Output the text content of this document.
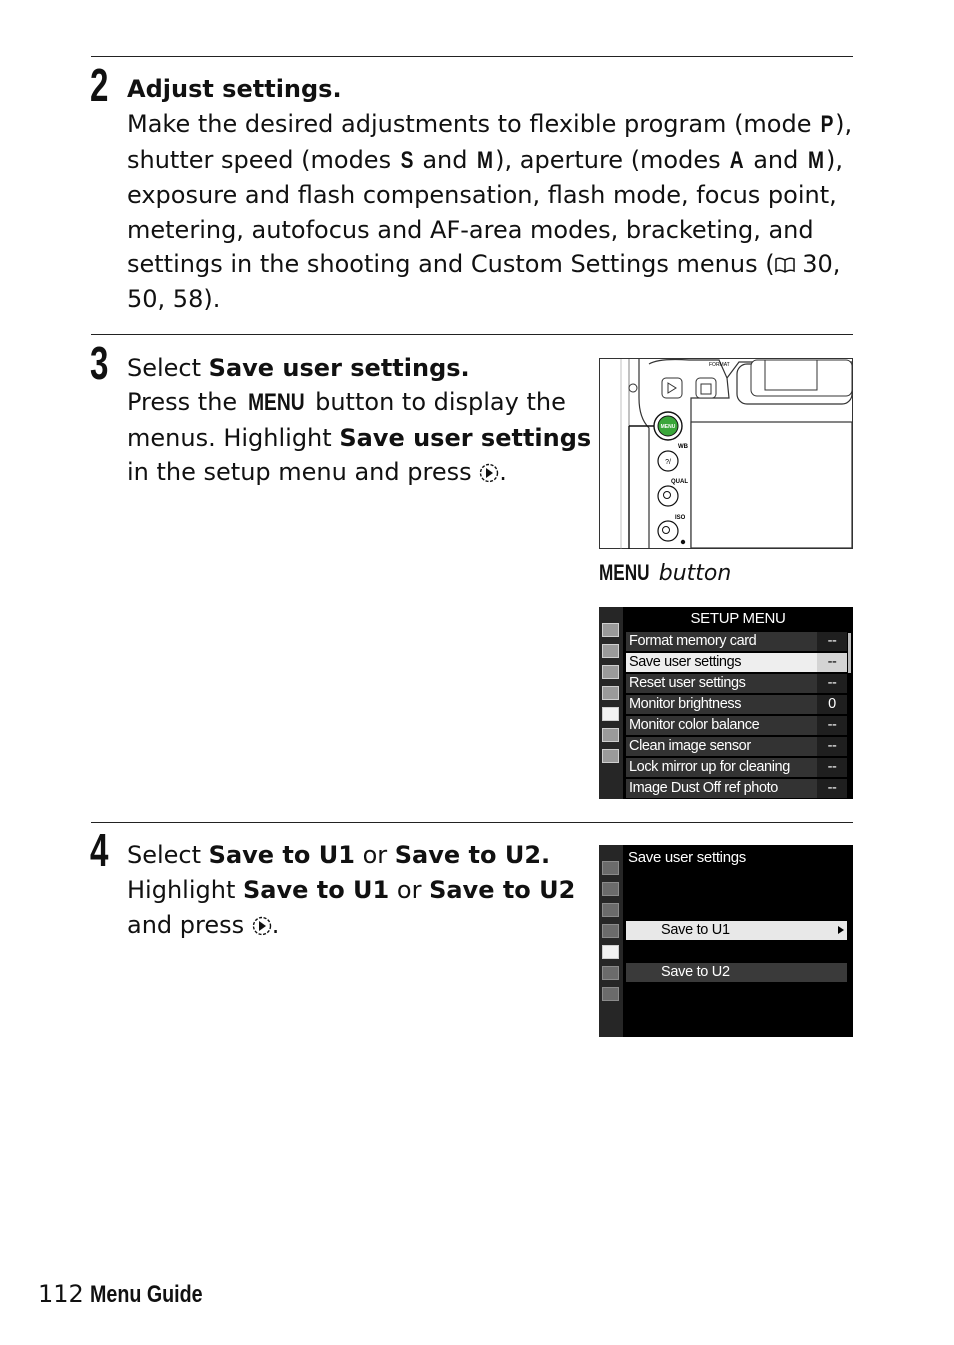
2 Adjust settings.

Make the desired adjustments to flexible program (mode P),
shutter speed (modes S and M), aperture (modes A and M),
exposure and flash compensation, flash mode, focus point,
metering, autofocus and AF-area modes, bracketing, and
settings in the shooting and Custom Settings menus ( 30,
50, 58).

3 Select Save user settings.

Press the MENU button to display the
menus. Highlight Save user settings
in the setup menu and press .

FORMAT
MENU
WB
?/
QUAL
ISO
MENU button
SETUP MENU
Format memory card	--
Save user settings	--
Reset user settings	--
Monitor brightness	0
Monitor color balance	--
Clean image sensor	--
Lock mirror up for cleaning	--
Image Dust Off ref photo	--
4 Select Save to U1 or Save to U2.

Highlight Save to U1 or Save to U2
and press .

Save user settings
Save to U1
Save to U2
112 Menu Guide
